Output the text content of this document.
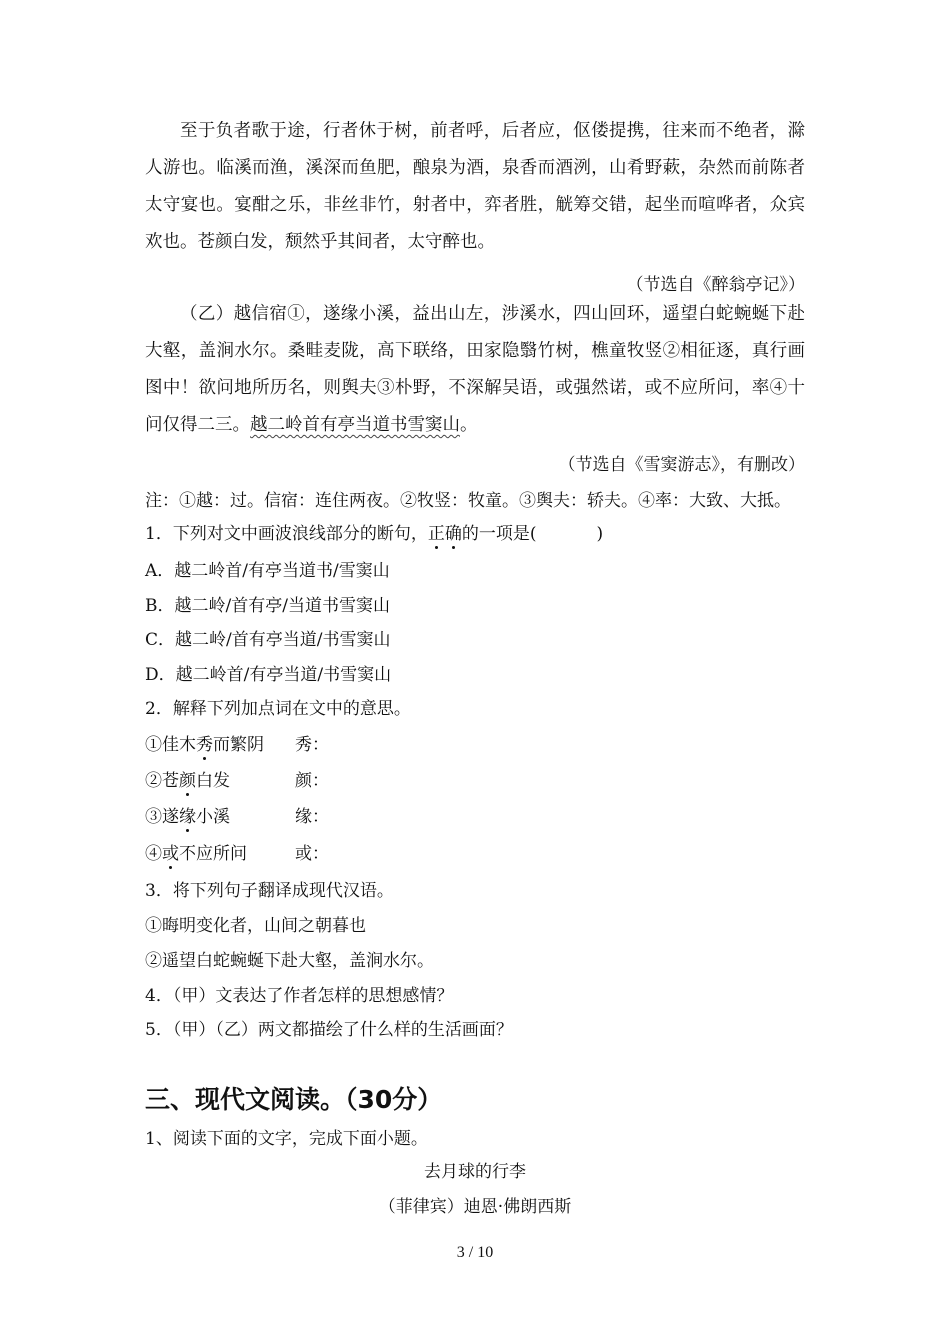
至于负者歌于途，行者休于树，前者呼，后者应，伛偻提携，往来而不绝者，滁人游也。临溪而渔，溪深而鱼肥，酿泉为酒，泉香而酒洌，山肴野蔌，杂然而前陈者太守宴也。宴酣之乐，非丝非竹，射者中，弈者胜，觥筹交错，起坐而喧哗者，众宾欢也。苍颜白发，颓然乎其间者，太守醉也。
（节选自《醉翁亭记》）
（乙）越信宿①，遂缘小溪，益出山左，涉溪水，四山回环，遥望白蛇蜿蜒下赴大壑，盖涧水尔。桑畦麦陇，高下联络，田家隐翳竹树，樵童牧竖②相征逐，真行画图中！欲问地所历名，则舆夫③朴野，不深解吴语，或强然诺，或不应所问，率④十问仅得二三。越二岭首有亭当道书雪窦山。
（节选自《雪窦游志》，有删改）
注：①越：过。信宿：连住两夜。②牧竖：牧童。③舆夫：轿夫。④率：大致、大抵。
1．下列对文中画波浪线部分的断句，正确的一项是(	)
A．越二岭首/有亭当道书/雪窦山
B．越二岭/首有亭/当道书雪窦山
C．越二岭/首有亭当道/书雪窦山
D．越二岭首/有亭当道/书雪窦山
2．解释下列加点词在文中的意思。
①佳木秀而繁阴 秀：
②苍颜白发	颜：
③遂缘小溪	缘：
④或不应所问	或：
3．将下列句子翻译成现代汉语。
①晦明变化者，山间之朝暮也
②遥望白蛇蜿蜒下赴大壑，盖涧水尔。
4．（甲）文表达了作者怎样的思想感情？
5．（甲）（乙）两文都描绘了什么样的生活画面？
三、现代文阅读。（30分）
1、阅读下面的文字，完成下面小题。
去月球的行李
（菲律宾）迪恩·佛朗西斯
3 / 10
